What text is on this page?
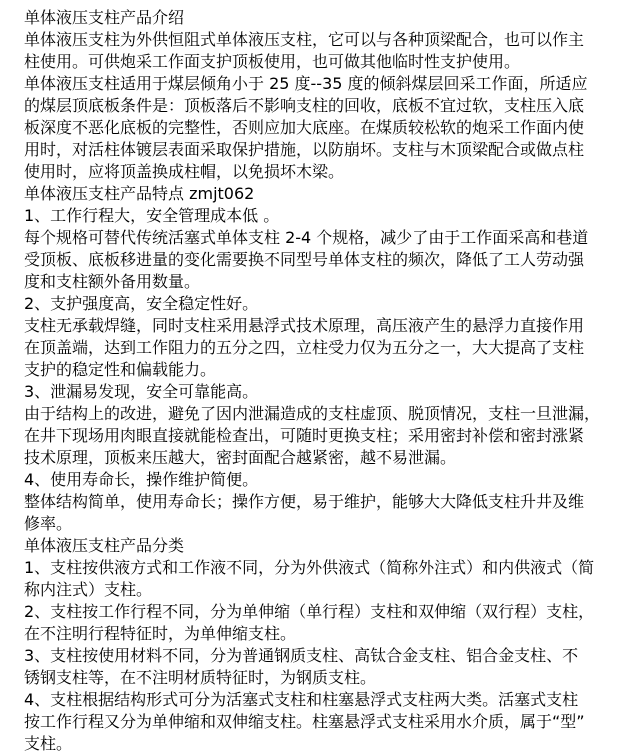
单体液压支柱产品介绍
单体液压支柱为外供恒阻式单体液压支柱，它可以与各种顶梁配合，也可以作主
柱使用。可供炮采工作面支护顶板使用，也可做其他临时性支护使用。
单体液压支柱适用于煤层倾角小于 25 度--35 度的倾斜煤层回采工作面，所适应
的煤层顶底板条件是：顶板落后不影响支柱的回收，底板不宜过软，支柱压入底
板深度不恶化底板的完整性，否则应加大底座。在煤质较松软的炮采工作面内使
用时，对活柱体镀层表面采取保护措施，以防崩坏。支柱与木顶梁配合或做点柱
使用时，应将顶盖换成柱帽，以免损坏木梁。
单体液压支柱产品特点 zmjt062
1、工作行程大，安全管理成本低 。
每个规格可替代传统活塞式单体支柱 2-4 个规格，减少了由于工作面采高和巷道
受顶板、底板移进量的变化需要换不同型号单体支柱的频次，降低了工人劳动强
度和支柱额外备用数量。
2、支护强度高，安全稳定性好。
支柱无承载焊缝，同时支柱采用悬浮式技术原理，高压液产生的悬浮力直接作用
在顶盖端，达到工作阻力的五分之四，立柱受力仅为五分之一，大大提高了支柱
支护的稳定性和偏载能力。
3、泄漏易发现，安全可靠能高。
由于结构上的改进，避免了因内泄漏造成的支柱虚顶、脱顶情况，支柱一旦泄漏，
在井下现场用肉眼直接就能检查出，可随时更换支柱；采用密封补偿和密封涨紧
技术原理，顶板来压越大，密封面配合越紧密，越不易泄漏。
4、使用寿命长，操作维护简便。
整体结构简单，使用寿命长；操作方便，易于维护，能够大大降低支柱升井及维
修率。
单体液压支柱产品分类
1、支柱按供液方式和工作液不同，分为外供液式（简称外注式）和内供液式（简
称内注式）支柱。
2、支柱按工作行程不同，分为单伸缩（单行程）支柱和双伸缩（双行程）支柱，
在不注明行程特征时，为单伸缩支柱。
3、支柱按使用材料不同，分为普通钢质支柱、高钛合金支柱、铝合金支柱、不
锈钢支柱等，在不注明材质特征时，为钢质支柱。
4、支柱根据结构形式可分为活塞式支柱和柱塞悬浮式支柱两大类。活塞式支柱
按工作行程又分为单伸缩和双伸缩支柱。柱塞悬浮式支柱采用水介质，属于“型”
支柱。
